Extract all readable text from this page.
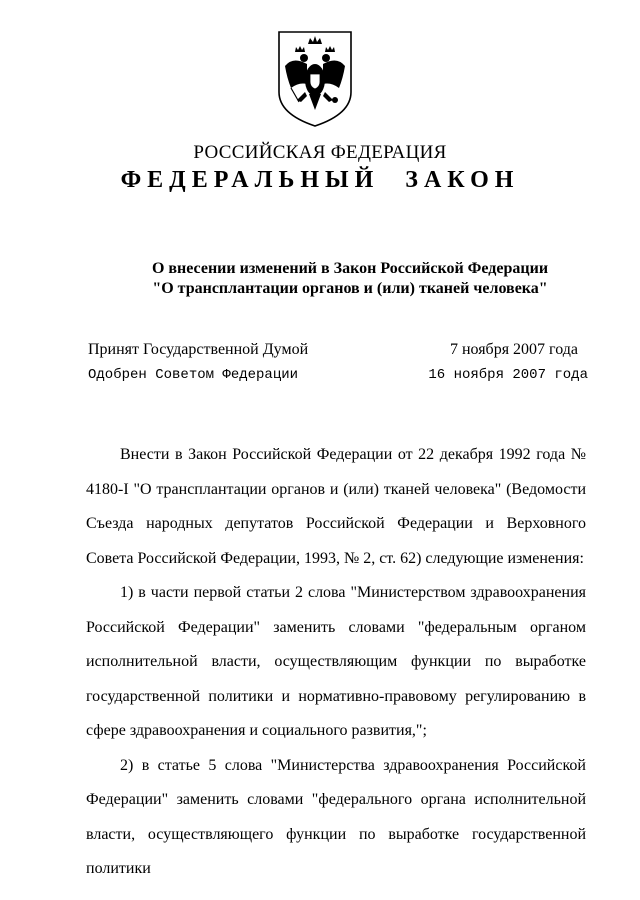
РОССИЙСКАЯ ФЕДЕРАЦИЯ
ФЕДЕРАЛЬНЫЙ ЗАКОН
О внесении изменений в Закон Российской Федерации
"О трансплантации органов и (или) тканей человека"
Принят Государственной Думой	7 ноября 2007 года
Одобрен Советом Федерации	16 ноября 2007 года

Внести в Закон Российской Федерации от 22 декабря 1992 года № 4180-I "О трансплантации органов и (или) тканей человека" (Ведомости Съезда народных депутатов Российской Федерации и Верховного Совета Российской Федерации, 1993, № 2, ст. 62) следующие изменения:

1) в части первой статьи 2 слова "Министерством здравоохранения Российской Федерации" заменить словами "федеральным органом исполнительной власти, осуществляющим функции по выработке государственной политики и нормативно-правовому регулированию в сфере здравоохранения и социального развития,";

2) в статье 5 слова "Министерства здравоохранения Российской Федерации" заменить словами "федерального органа исполнительной власти, осуществляющего функции по выработке государственной политики
